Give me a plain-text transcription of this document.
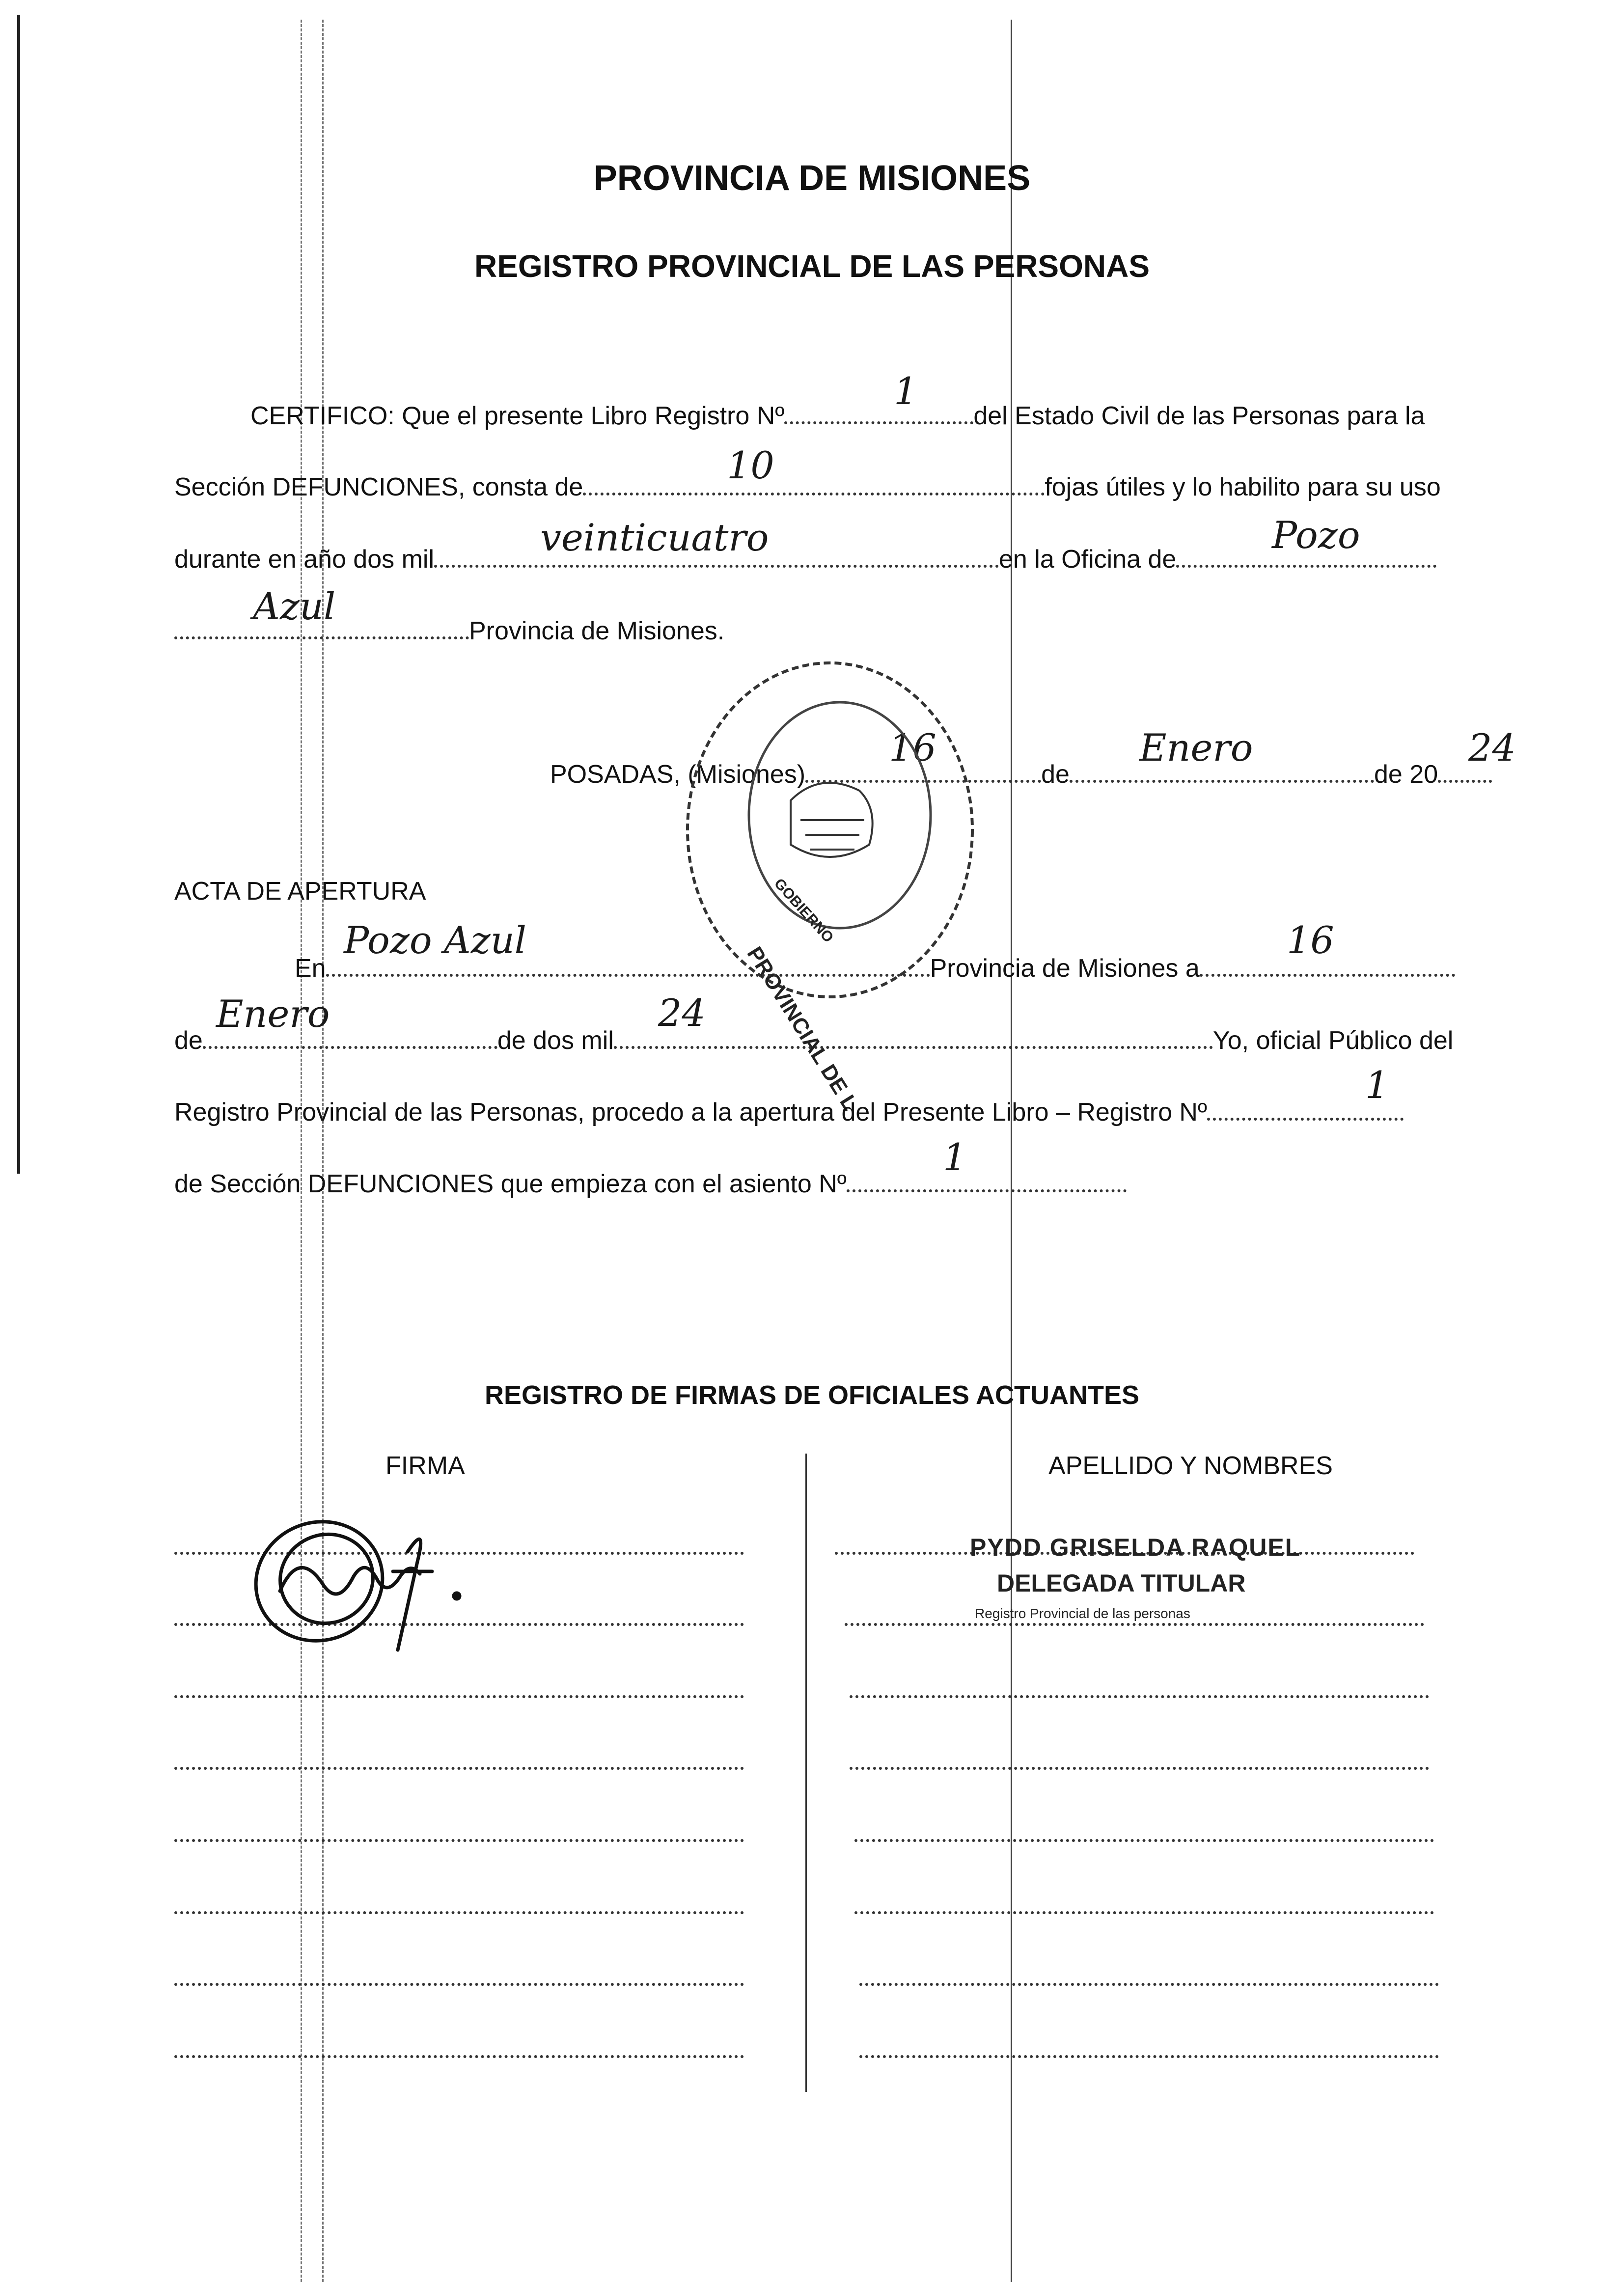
PROVINCIA DE MISIONES
REGISTRO PROVINCIAL DE LAS PERSONAS
CERTIFICO: Que el presente Libro Registro Nº	del Estado Civil de las Personas para la
1
Sección DEFUNCIONES, consta de	fojas útiles y lo habilito para su uso
10
durante en año dos mil	en la Oficina de
veinticuatro	Pozo
Provincia de Misiones.
Azul
POSADAS, (Misiones)	de	de 20
16	Enero	24
PROVINCIAL DE L
GOBIERNO
ACTA DE APERTURA
En	Provincia de Misiones a
Pozo Azul	16
de	de dos mil	Yo, oficial Público del
Enero	24
Registro Provincial de las Personas, procedo a la apertura del Presente Libro – Registro Nº
1
de Sección DEFUNCIONES que empieza con el asiento Nº
1
REGISTRO DE FIRMAS DE OFICIALES ACTUANTES
FIRMA	APELLIDO Y NOMBRES
PYDD GRISELDA RAQUEL
DELEGADA TITULAR
Registro Provincial de las personas
